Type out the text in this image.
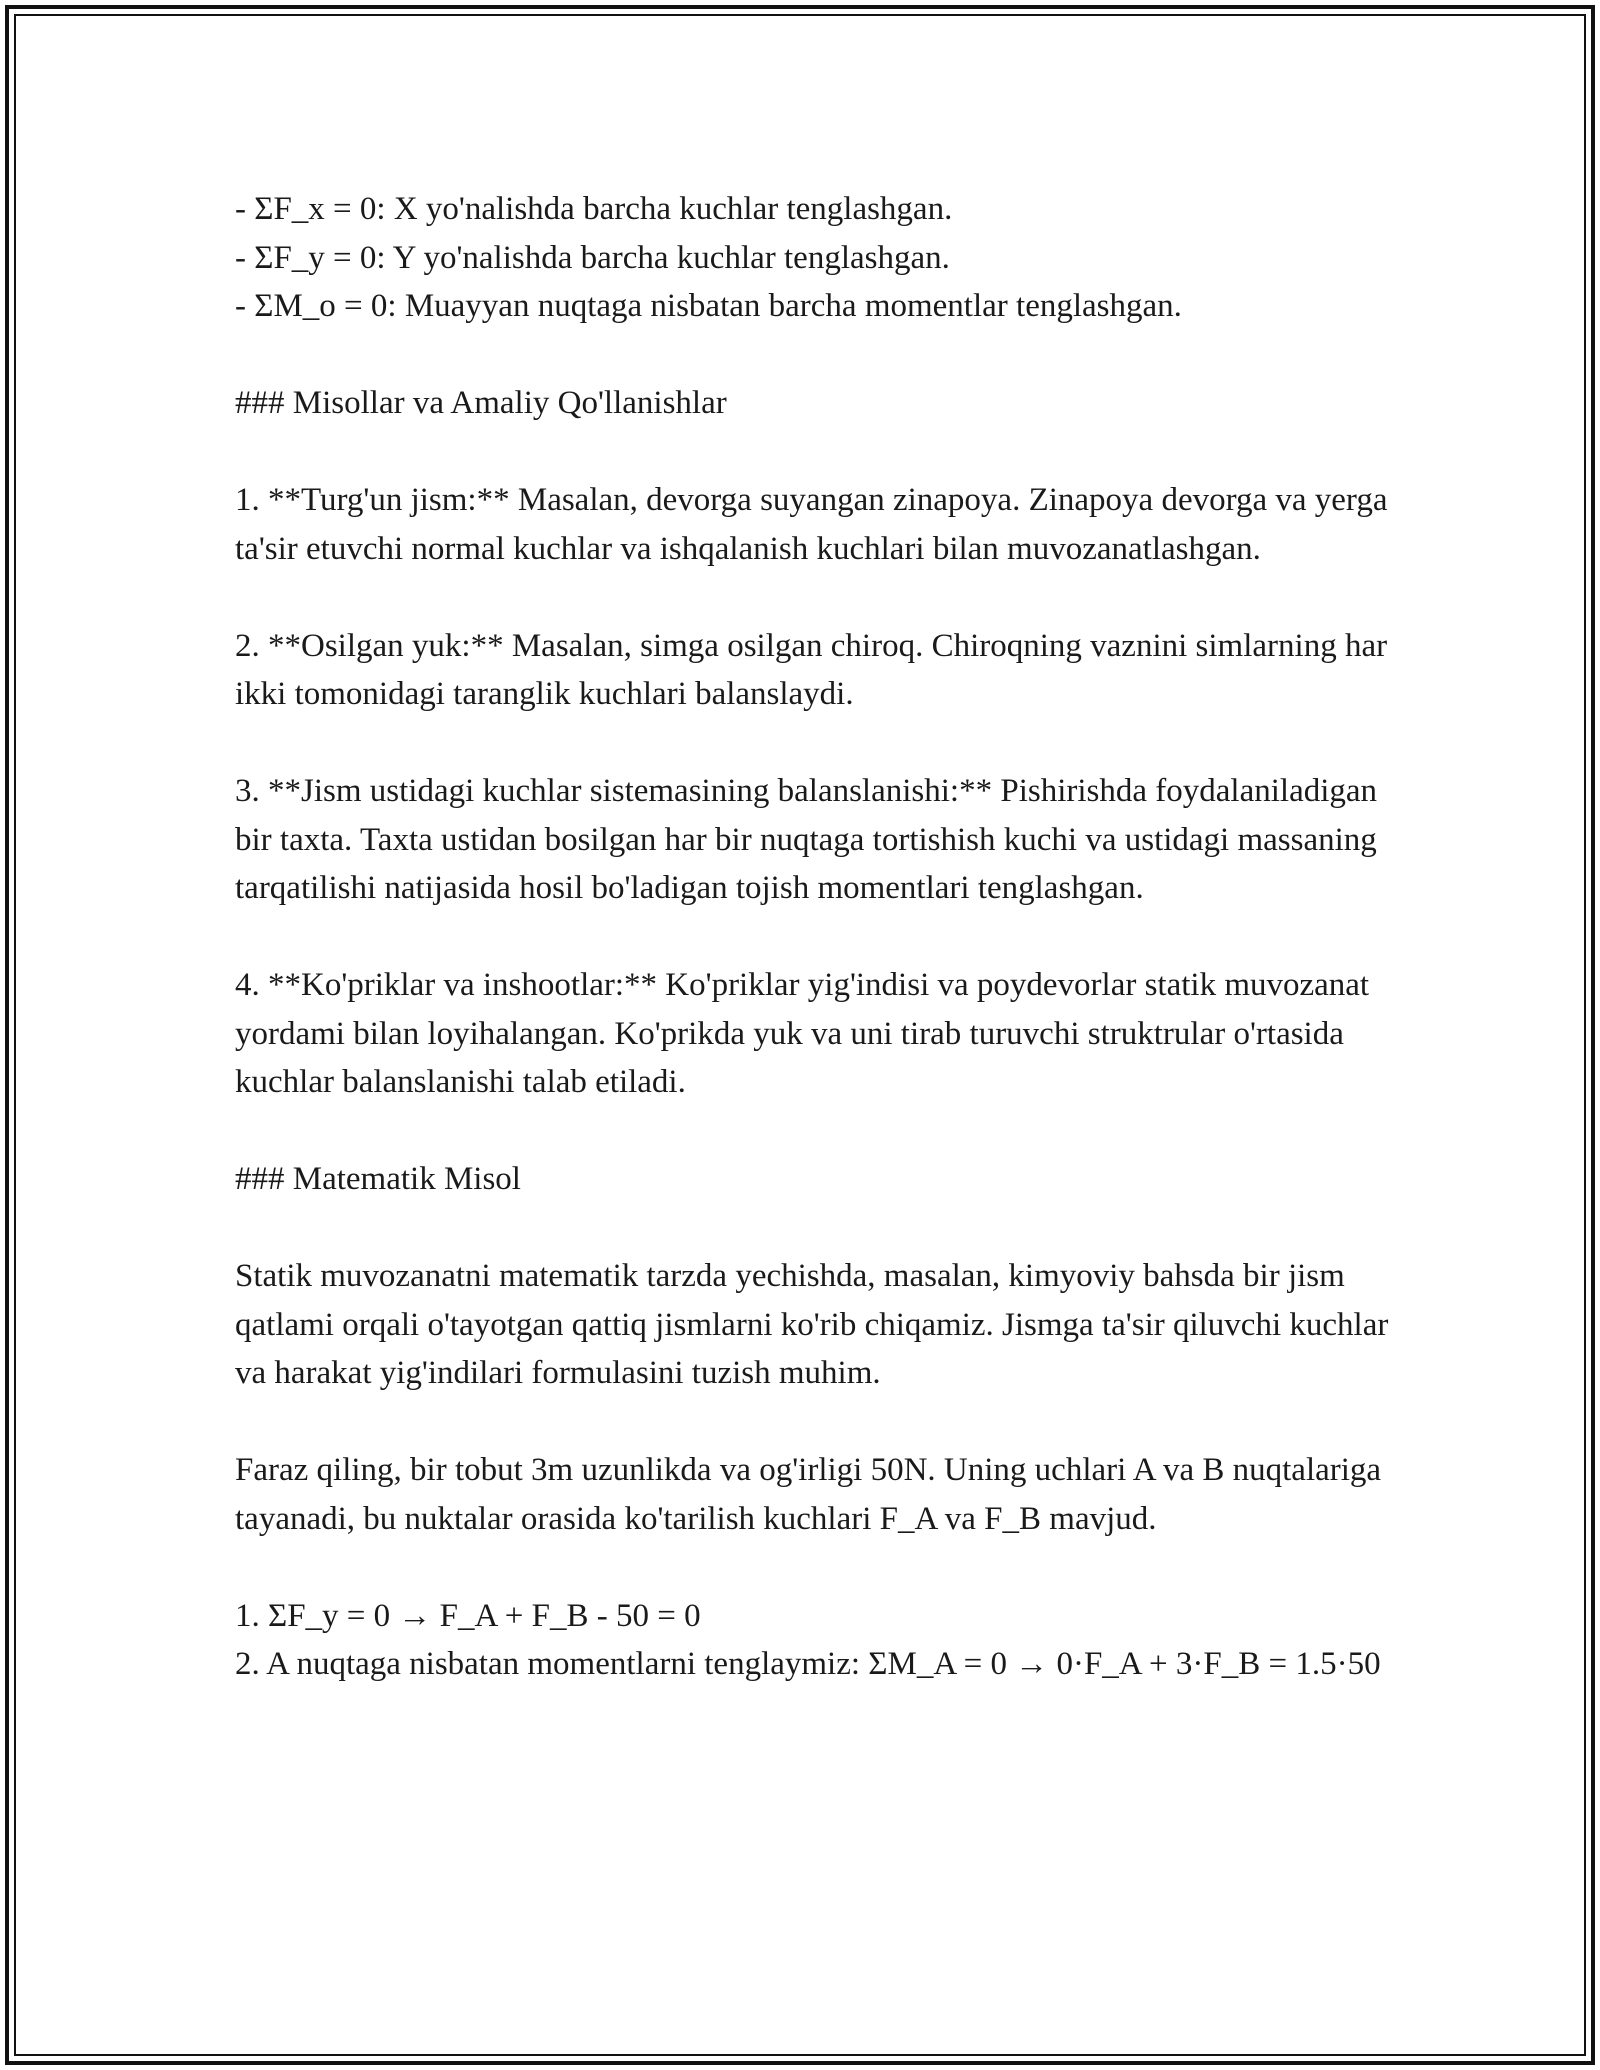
- ΣF_x = 0: X yo'nalishda barcha kuchlar tenglashgan.
- ΣF_y = 0: Y yo'nalishda barcha kuchlar tenglashgan.
- ΣM_o = 0: Muayyan nuqtaga nisbatan barcha momentlar tenglashgan.
### Misollar va Amaliy Qo'llanishlar
1. **Turg'un jism:** Masalan, devorga suyangan zinapoya. Zinapoya devorga va yerga ta'sir etuvchi normal kuchlar va ishqalanish kuchlari bilan muvozanatlashgan.
2. **Osilgan yuk:** Masalan, simga osilgan chiroq. Chiroqning vaznini simlarning har ikki tomonidagi taranglik kuchlari balanslaydi.
3. **Jism ustidagi kuchlar sistemasining balanslanishi:** Pishirishda foydalaniladigan bir taxta. Taxta ustidan bosilgan har bir nuqtaga tortishish kuchi va ustidagi massaning tarqatilishi natijasida hosil bo'ladigan tojish momentlari tenglashgan.
4. **Ko'priklar va inshootlar:** Ko'priklar yig'indisi va poydevorlar statik muvozanat yordami bilan loyihalangan. Ko'prikda yuk va uni tirab turuvchi struktrular o'rtasida kuchlar balanslanishi talab etiladi.
### Matematik Misol
Statik muvozanatni matematik tarzda yechishda, masalan, kimyoviy bahsda bir jism qatlami orqali o'tayotgan qattiq jismlarni ko'rib chiqamiz. Jismga ta'sir qiluvchi kuchlar va harakat yig'indilari formulasini tuzish muhim.
Faraz qiling, bir tobut 3m uzunlikda va og'irligi 50N. Uning uchlari A va B nuqtalariga tayanadi, bu nuktalar orasida ko'tarilish kuchlari F_A va F_B mavjud.
1. ΣF_y = 0 → F_A + F_B - 50 = 0
2. A nuqtaga nisbatan momentlarni tenglaymiz: ΣM_A = 0 → 0·F_A + 3·F_B = 1.5·50
